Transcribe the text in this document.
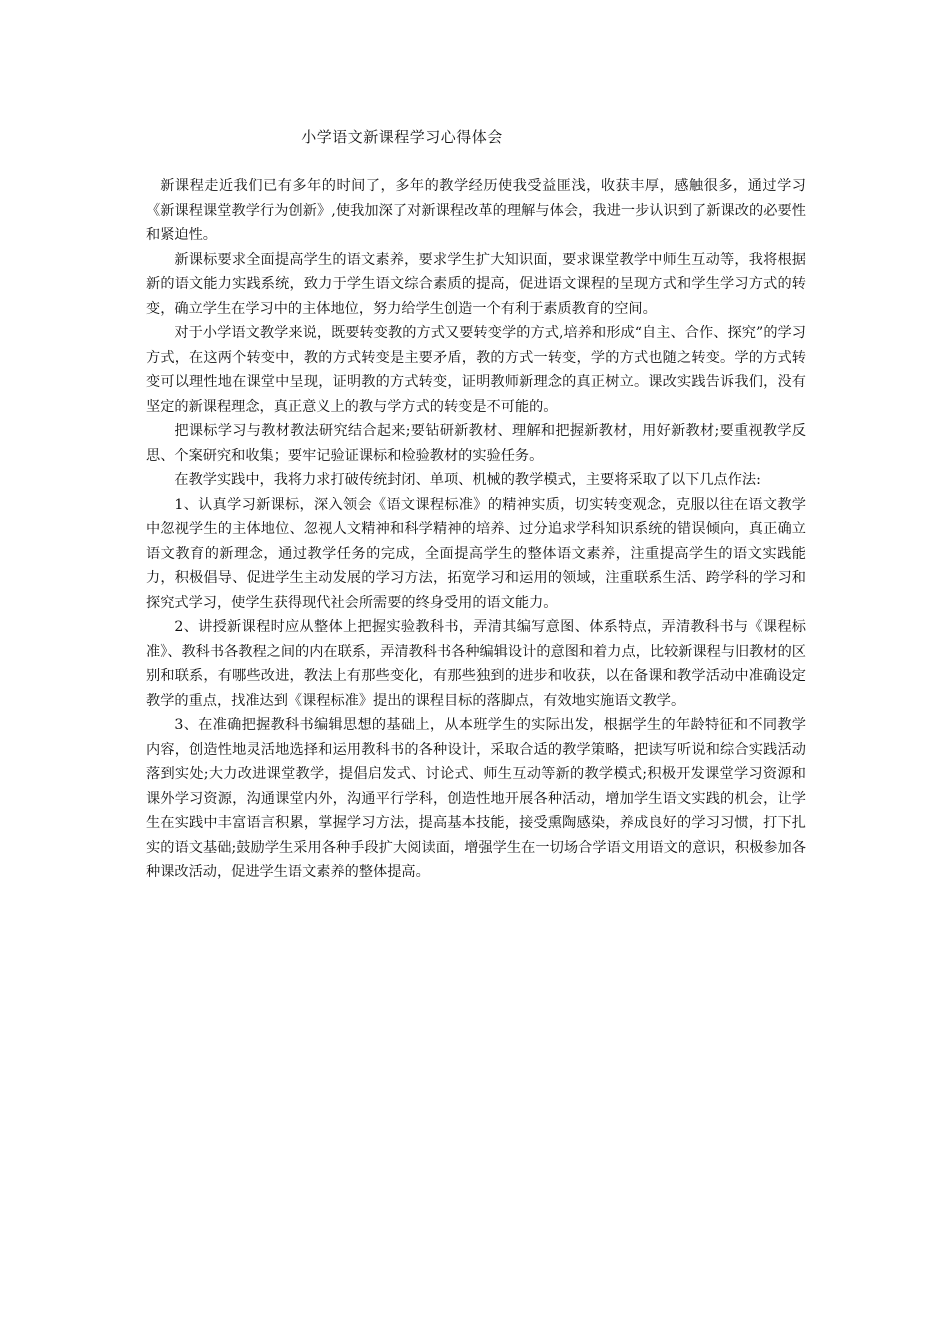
小学语文新课程学习心得体会

新课程走近我们已有多年的时间了，多年的教学经历使我受益匪浅，收获丰厚，感触很多，通过学习《新课程课堂教学行为创新》,使我加深了对新课程改革的理解与体会，我进一步认识到了新课改的必要性和紧迫性。

新课标要求全面提高学生的语文素养，要求学生扩大知识面，要求课堂教学中师生互动等，我将根据新的语文能力实践系统，致力于学生语文综合素质的提高，促进语文课程的呈现方式和学生学习方式的转变，确立学生在学习中的主体地位，努力给学生创造一个有利于素质教育的空间。

对于小学语文教学来说，既要转变教的方式又要转变学的方式,培养和形成“自主、合作、探究”的学习方式，在这两个转变中，教的方式转变是主要矛盾，教的方式一转变，学的方式也随之转变。学的方式转变可以理性地在课堂中呈现，证明教的方式转变，证明教师新理念的真正树立。课改实践告诉我们，没有坚定的新课程理念，真正意义上的教与学方式的转变是不可能的。

把课标学习与教材教法研究结合起来;要钻研新教材、理解和把握新教材，用好新教材;要重视教学反思、个案研究和收集；要牢记验证课标和检验教材的实验任务。

在教学实践中，我将力求打破传统封闭、单项、机械的教学模式，主要将采取了以下几点作法:

1、认真学习新课标，深入领会《语文课程标准》的精神实质，切实转变观念，克服以往在语文教学中忽视学生的主体地位、忽视人文精神和科学精神的培养、过分追求学科知识系统的错误倾向，真正确立语文教育的新理念，通过教学任务的完成，全面提高学生的整体语文素养，注重提高学生的语文实践能力，积极倡导、促进学生主动发展的学习方法，拓宽学习和运用的领域，注重联系生活、跨学科的学习和探究式学习，使学生获得现代社会所需要的终身受用的语文能力。

2、讲授新课程时应从整体上把握实验教科书，弄清其编写意图、体系特点，弄清教科书与《课程标准》、教科书各教程之间的内在联系，弄清教科书各种编辑设计的意图和着力点，比较新课程与旧教材的区别和联系，有哪些改进，教法上有那些变化，有那些独到的进步和收获，以在备课和教学活动中准确设定教学的重点，找准达到《课程标准》提出的课程目标的落脚点，有效地实施语文教学。

3、在准确把握教科书编辑思想的基础上，从本班学生的实际出发，根据学生的年龄特征和不同教学内容，创造性地灵活地选择和运用教科书的各种设计，采取合适的教学策略，把读写听说和综合实践活动落到实处;大力改进课堂教学，提倡启发式、讨论式、师生互动等新的教学模式;积极开发课堂学习资源和课外学习资源，沟通课堂内外，沟通平行学科，创造性地开展各种活动，增加学生语文实践的机会，让学生在实践中丰富语言积累，掌握学习方法，提高基本技能，接受熏陶感染，养成良好的学习习惯，打下扎实的语文基础;鼓励学生采用各种手段扩大阅读面，增强学生在一切场合学语文用语文的意识，积极参加各种课改活动，促进学生语文素养的整体提高。
